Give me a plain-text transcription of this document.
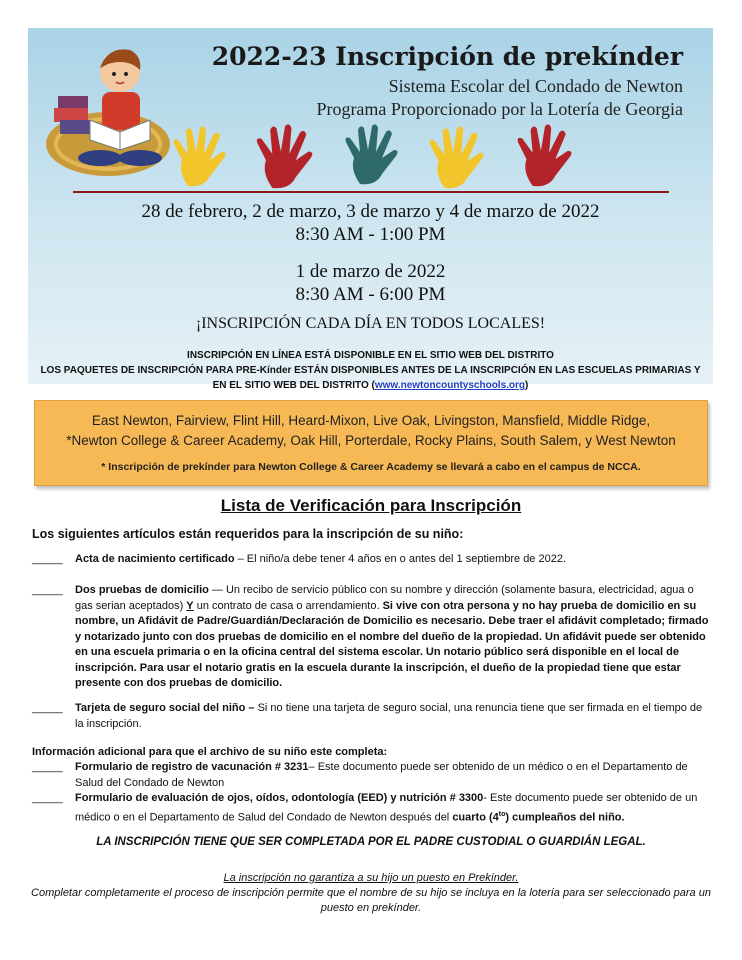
2022-23 Inscripción de prekínder
Sistema Escolar del Condado de Newton
Programa Proporcionado por la Lotería de Georgia
28 de febrero, 2 de marzo, 3 de marzo y 4 de marzo de 2022
8:30 AM - 1:00 PM
1 de marzo de 2022
8:30 AM - 6:00 PM
¡INSCRIPCIÓN CADA DÍA EN TODOS LOCALES!
INSCRIPCIÓN EN LÍNEA ESTÁ DISPONIBLE EN EL SITIO WEB DEL DISTRITO
LOS PAQUETES DE INSCRIPCIÓN PARA PRE-Kínder ESTÁN DISPONIBLES ANTES DE LA INSCRIPCIÓN EN LAS ESCUELAS PRIMARIAS Y
EN EL SITIO WEB DEL DISTRITO (www.newtoncountyschools.org)
East Newton, Fairview, Flint Hill, Heard-Mixon, Live Oak, Livingston, Mansfield, Middle Ridge,
*Newton College & Career Academy, Oak Hill, Porterdale, Rocky Plains, South Salem, y West Newton
* Inscripción de prekínder para Newton College & Career Academy se llevará a cabo en el campus de NCCA.
Lista de Verificación para Inscripción
Los siguientes artículos están requeridos para la inscripción de su niño:
_____ Acta de nacimiento certificado – El niño/a debe tener 4 años en o antes del 1 septiembre de 2022.
_____ Dos pruebas de domicilio — Un recibo de servicio público con su nombre y dirección (solamente basura, electricidad, agua o gas serian aceptados) Y un contrato de casa o arrendamiento. Si vive con otra persona y no hay prueba de domicilio en su nombre, un Afidávit de Padre/Guardián/Declaración de Domicilio es necesario. Debe traer el afidávit completado; firmado y notarizado junto con dos pruebas de domicilio en el nombre del dueño de la propiedad. Un afidávit puede ser obtenido en una escuela primaria o en la oficina central del sistema escolar. Un notario público será disponible en el local de inscripción. Para usar el notario gratis en la escuela durante la inscripción, el dueño de la propiedad tiene que estar presente con dos pruebas de domicilio.
_____ Tarjeta de seguro social del niño – Si no tiene una tarjeta de seguro social, una renuncia tiene que ser firmada en el tiempo de la inscripción.
Información adicional para que el archivo de su niño este completa:
_____ Formulario de registro de vacunación # 3231– Este documento puede ser obtenido de un médico o en el Departamento de Salud del Condado de Newton
_____ Formulario de evaluación de ojos, oídos, odontología (EED) y nutrición # 3300- Este documento puede ser obtenido de un médico o en el Departamento de Salud del Condado de Newton después del cuarto $(4^{to})$ cumpleaños del niño.
LA INSCRIPCIÓN TIENE QUE SER COMPLETADA POR EL PADRE CUSTODIAL O GUARDIÁN LEGAL.
La inscripción no garantiza a su hijo un puesto en Prekínder.
Completar completamente el proceso de inscripción permite que el nombre de su hijo se incluya en la lotería para ser seleccionado para un puesto en prekínder.
